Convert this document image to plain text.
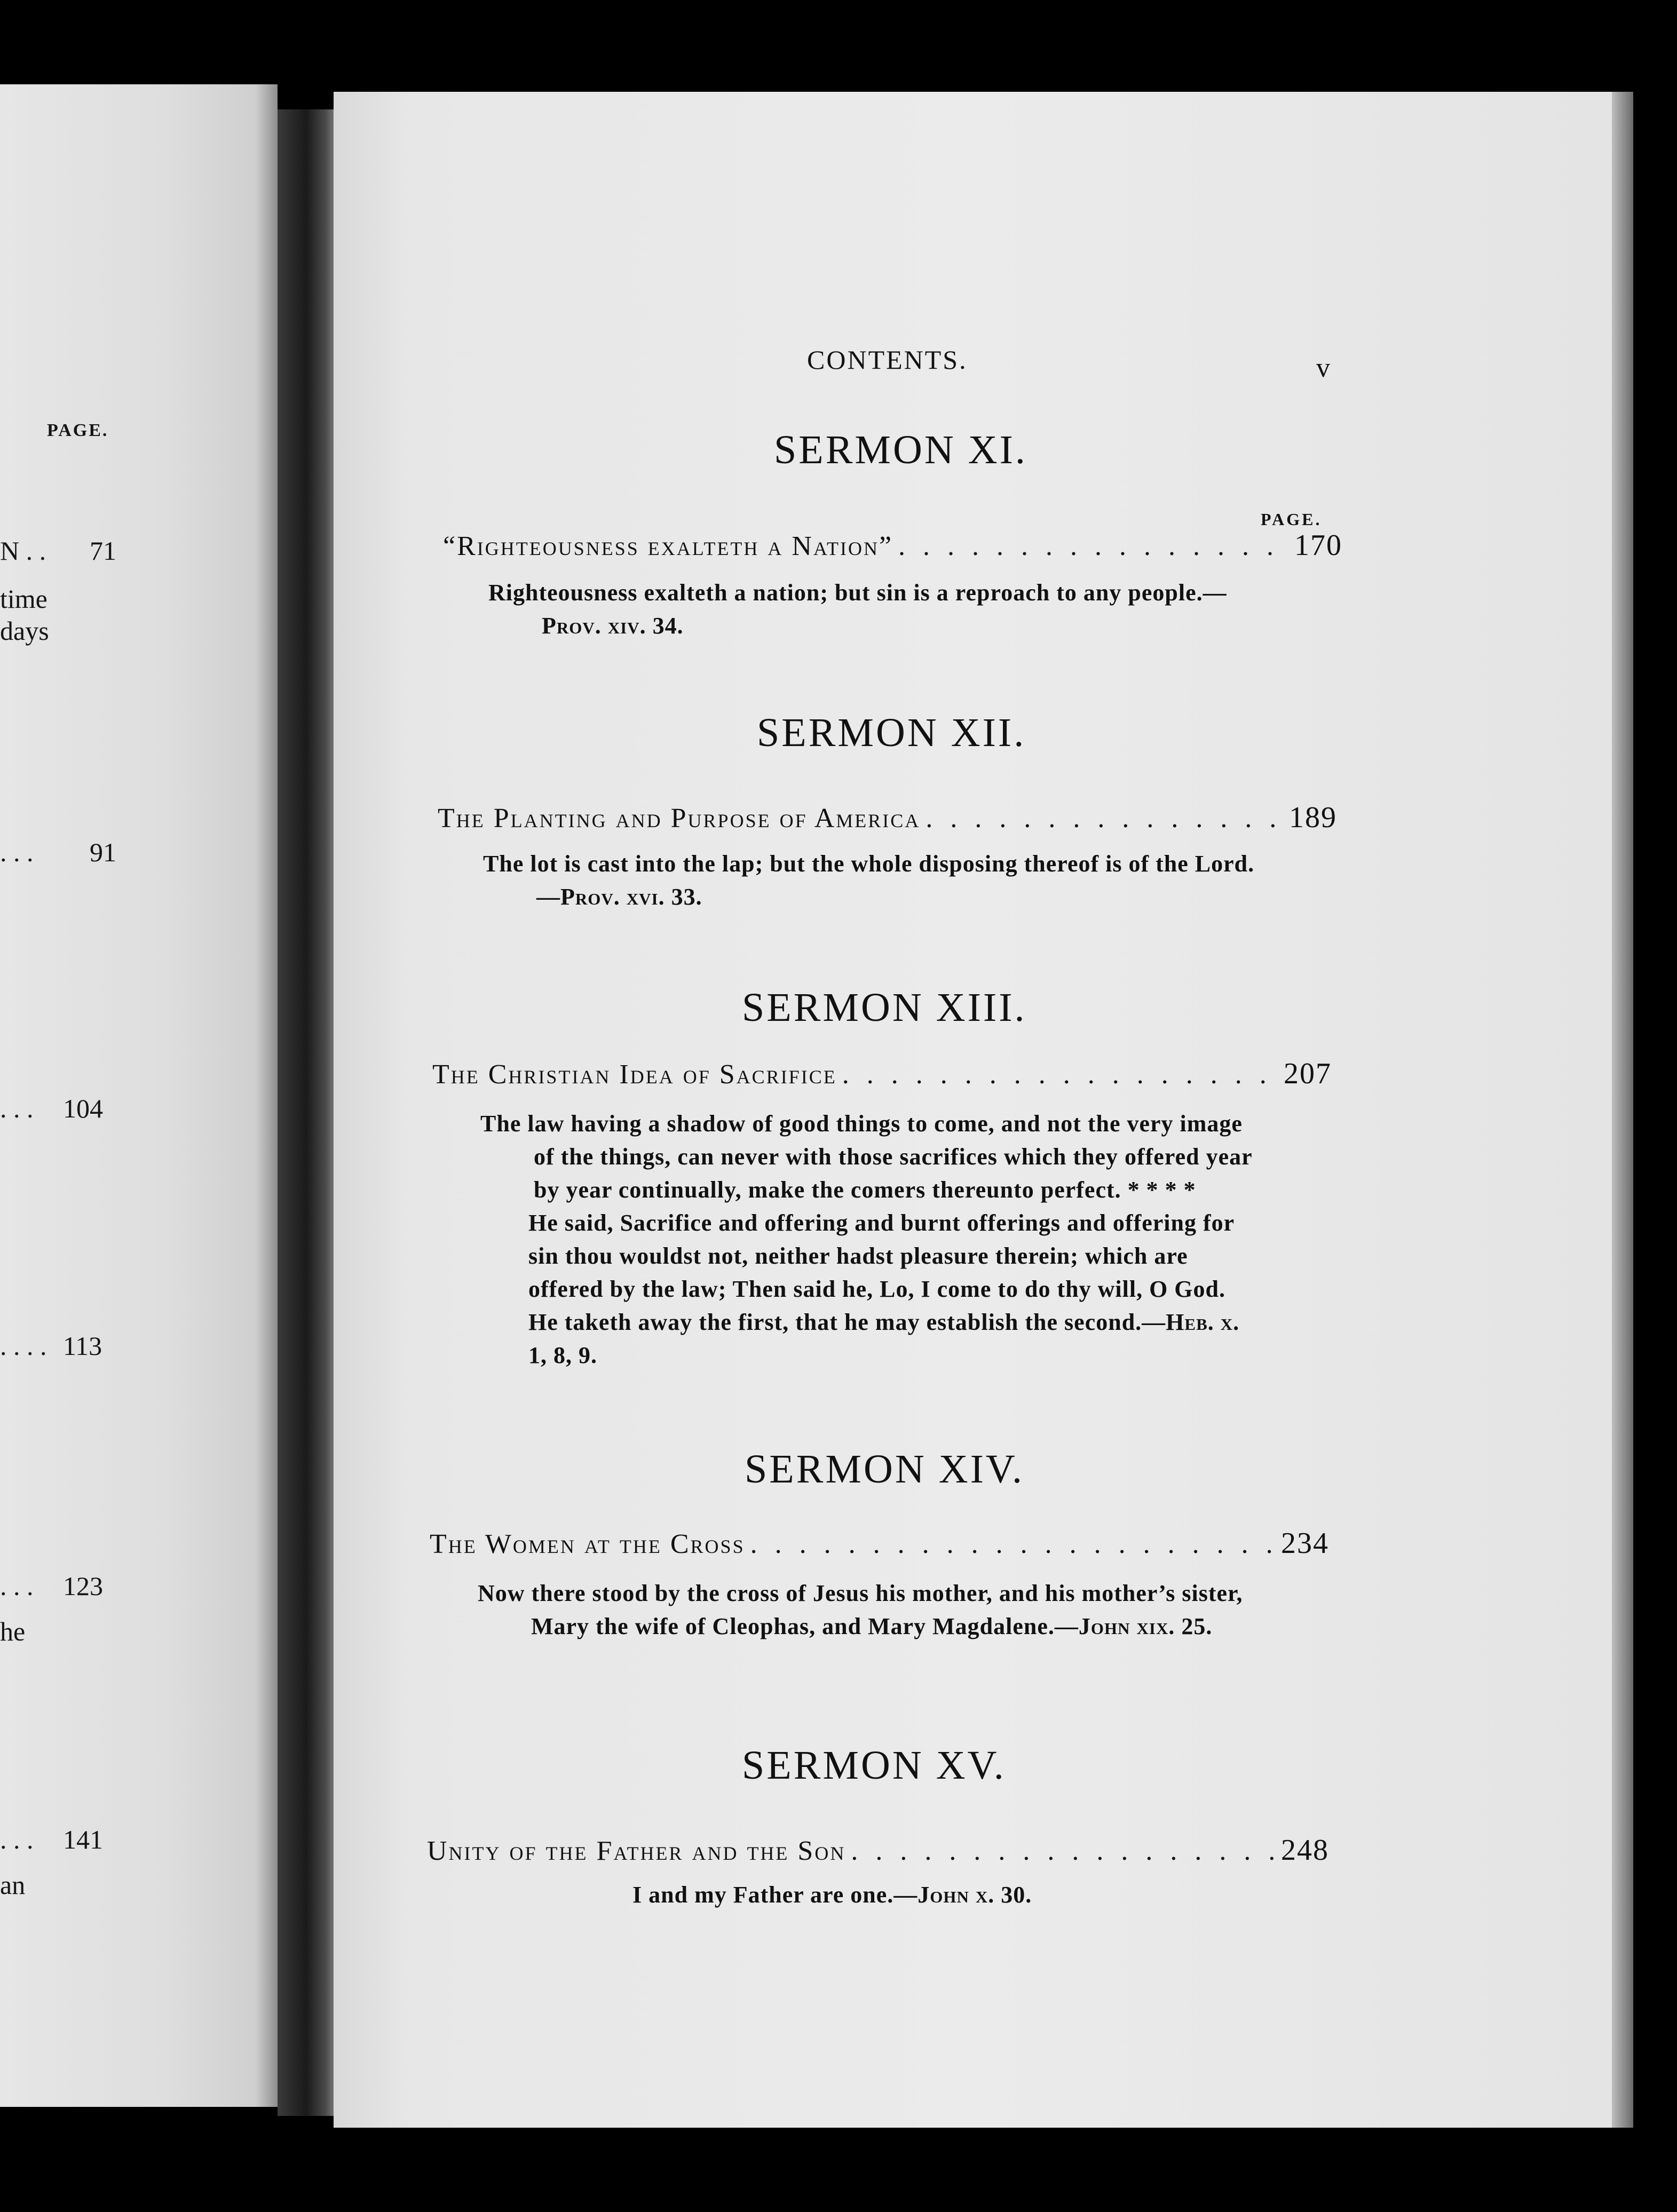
PAGE.
N . . 71
time
days
. . . 91
. . . 104
. . . . 113
. . . 123
he
. . . 141
an
CONTENTS.	v
SERMON XI.
PAGE.
“Righteousness exalteth a Nation” . . .	170

Righteousness exalteth a nation; but sin is a reproach to any people.—Prov. xiv. 34.

SERMON XII.
The Planting and Purpose of America . . .	189

The lot is cast into the lap; but the whole disposing thereof is of the Lord.—Prov. xvi. 33.

SERMON XIII.
The Christian Idea of Sacrifice . . .	207

The law having a shadow of good things to come, and not the very image of the things, can never with those sacrifices which they offered year by year continually, make the comers thereunto perfect. * * * *

He said, Sacrifice and offering and burnt offerings and offering for sin thou wouldst not, neither hadst pleasure therein; which are offered by the law; Then said he, Lo, I come to do thy will, O God. He taketh away the first, that he may establish the second.—Heb. x. 1, 8, 9.

SERMON XIV.
The Women at the Cross . . .	234

Now there stood by the cross of Jesus his mother, and his mother’s sister, Mary the wife of Cleophas, and Mary Magdalene.—John xix. 25.

SERMON XV.
Unity of the Father and the Son . . .	248

I and my Father are one.—John x. 30.
